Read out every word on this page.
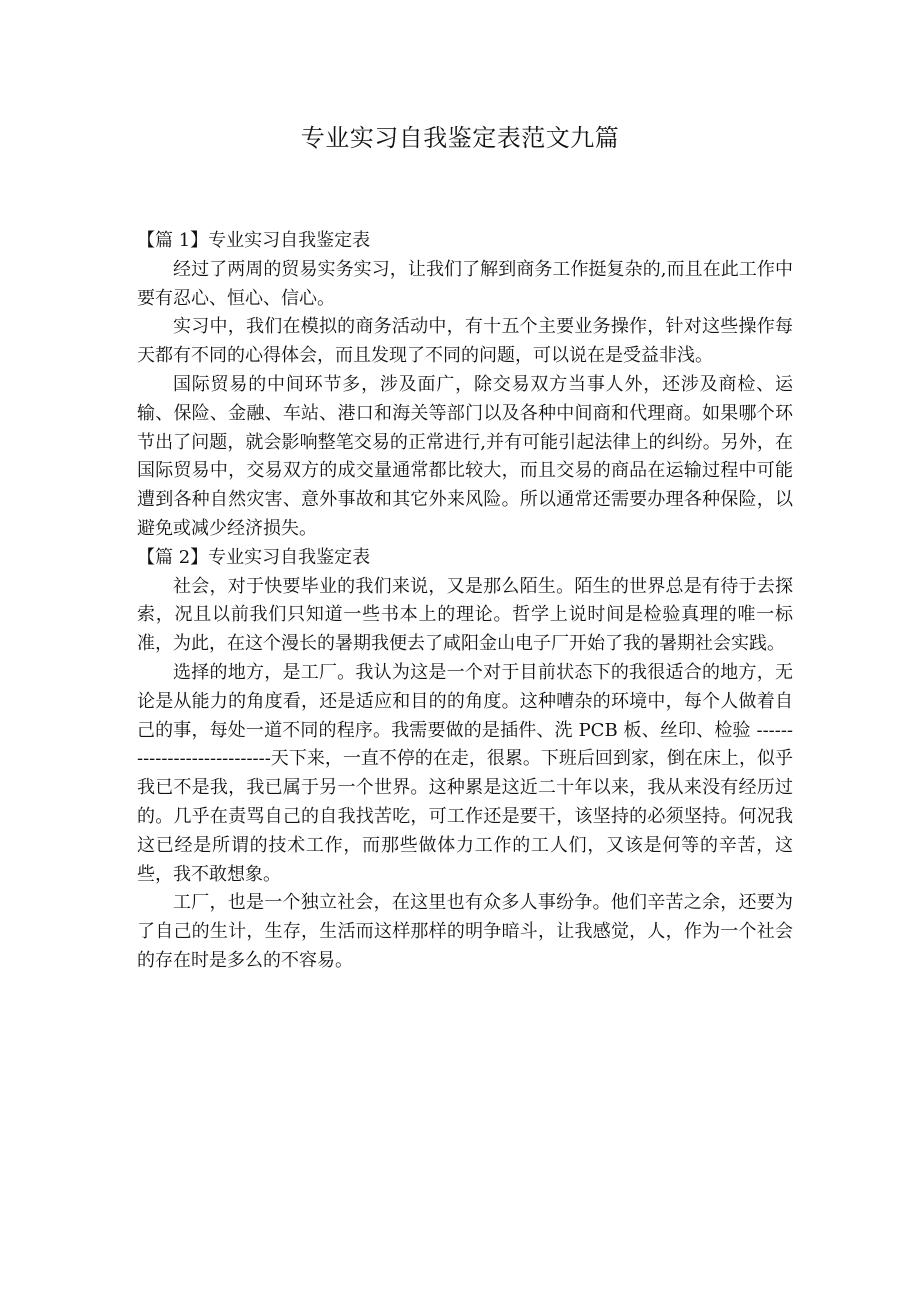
专业实习自我鉴定表范文九篇
【篇 1】专业实习自我鉴定表

经过了两周的贸易实务实习，让我们了解到商务工作挺复杂的,而且在此工作中要有忍心、恒心、信心。

实习中，我们在模拟的商务活动中，有十五个主要业务操作，针对这些操作每天都有不同的心得体会，而且发现了不同的问题，可以说在是受益非浅。

国际贸易的中间环节多，涉及面广，除交易双方当事人外，还涉及商检、运输、保险、金融、车站、港口和海关等部门以及各种中间商和代理商。如果哪个环节出了问题，就会影响整笔交易的正常进行,并有可能引起法律上的纠纷。另外，在国际贸易中，交易双方的成交量通常都比较大，而且交易的商品在运输过程中可能遭到各种自然灾害、意外事故和其它外来风险。所以通常还需要办理各种保险，以避免或减少经济损失。

【篇 2】专业实习自我鉴定表

社会，对于快要毕业的我们来说，又是那么陌生。陌生的世界总是有待于去探索，况且以前我们只知道一些书本上的理论。哲学上说时间是检验真理的唯一标准，为此，在这个漫长的暑期我便去了咸阳金山电子厂开始了我的暑期社会实践。

选择的地方，是工厂。我认为这是一个对于目前状态下的我很适合的地方，无论是从能力的角度看，还是适应和目的的角度。这种嘈杂的环境中，每个人做着自己的事，每处一道不同的程序。我需要做的是插件、洗 PCB 板、丝印、检验 ----------------------------天下来，一直不停的在走，很累。下班后回到家，倒在床上，似乎我已不是我，我已属于另一个世界。这种累是这近二十年以来，我从来没有经历过的。几乎在责骂自己的自我找苦吃，可工作还是要干，该坚持的必须坚持。何况我这已经是所谓的技术工作，而那些做体力工作的工人们，又该是何等的辛苦，这些，我不敢想象。

工厂，也是一个独立社会，在这里也有众多人事纷争。他们辛苦之余，还要为了自己的生计，生存，生活而这样那样的明争暗斗，让我感觉，人，作为一个社会的存在时是多么的不容易。
